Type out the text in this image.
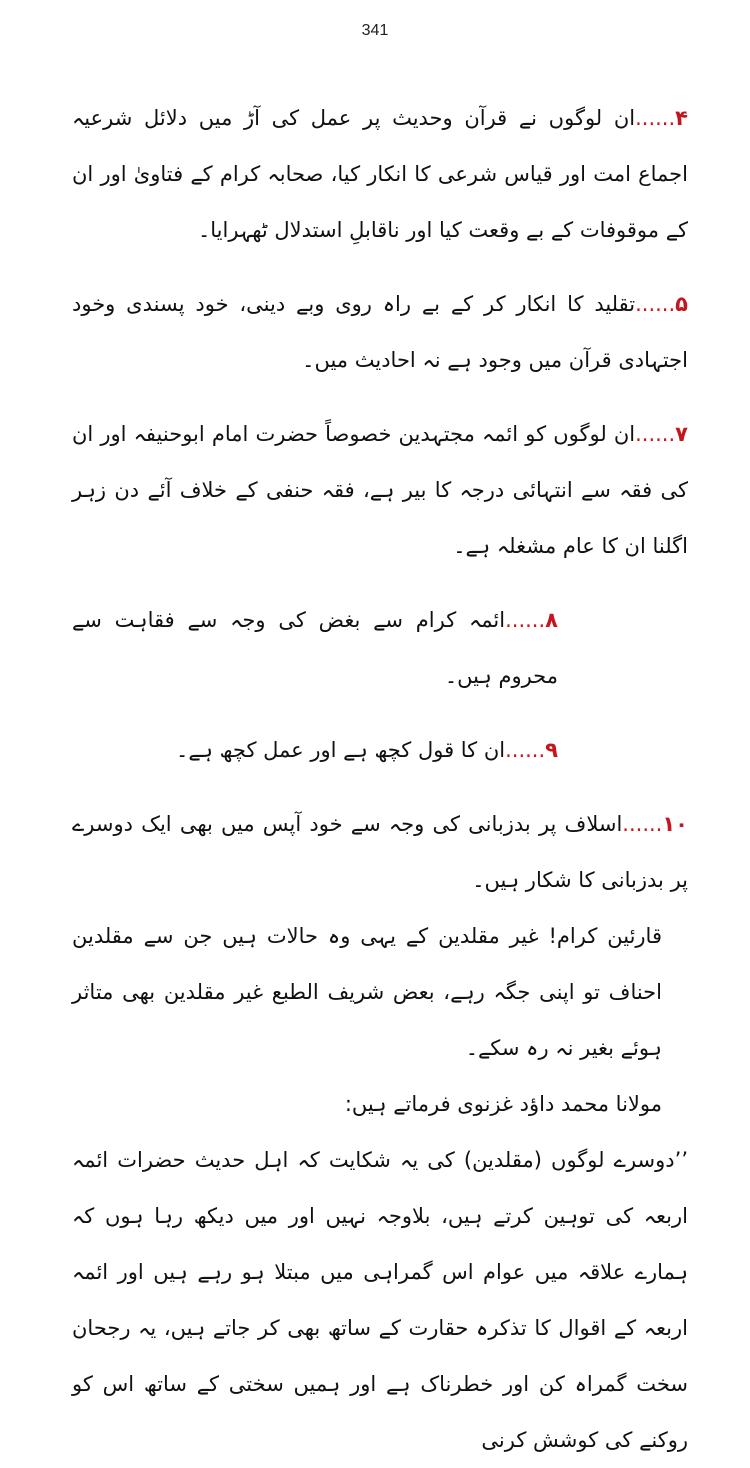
341

۴......ان لوگوں نے قرآن وحدیث پر عمل کی آڑ میں دلائل شرعیہ اجماع امت اور قیاس شرعی کا انکار کیا، صحابہ کرام کے فتاویٰ اور ان کے موقوفات کے بے وقعت کیا اور ناقابلِ استدلال ٹھہرایا۔

۵......تقلید کا انکار کر کے بے راہ روی وبے دینی، خود پسندی وخود اجتہادی قرآن میں وجود ہے نہ احادیث میں۔

۷......ان لوگوں کو ائمہ مجتہدین خصوصاً حضرت امام ابوحنیفہ اور ان کی فقہ سے انتہائی درجہ کا بیر ہے، فقہ حنفی کے خلاف آئے دن زہر اگلنا ان کا عام مشغلہ ہے۔

۸......ائمہ کرام سے بغض کی وجہ سے فقاہت سے محروم ہیں۔

۹......ان کا قول کچھ ہے اور عمل کچھ ہے۔

۱۰......اسلاف پر بدزبانی کی وجہ سے خود آپس میں بھی ایک دوسرے پر بدزبانی کا شکار ہیں۔

قارئین کرام! غیر مقلدین کے یہی وہ حالات ہیں جن سے مقلدین احناف تو اپنی جگہ رہے، بعض شریف الطبع غیر مقلدین بھی متاثر ہوئے بغیر نہ رہ سکے۔

مولانا محمد داؤد غزنوی فرماتے ہیں:

’’دوسرے لوگوں (مقلدین) کی یہ شکایت کہ اہل حدیث حضرات ائمہ اربعہ کی توہین کرتے ہیں، بلاوجہ نہیں اور میں دیکھ رہا ہوں کہ ہمارے علاقہ میں عوام اس گمراہی میں مبتلا ہو رہے ہیں اور ائمہ اربعہ کے اقوال کا تذکرہ حقارت کے ساتھ بھی کر جاتے ہیں، یہ رجحان سخت گمراہ کن اور خطرناک ہے اور ہمیں سختی کے ساتھ اس کو روکنے کی کوشش کرنی
